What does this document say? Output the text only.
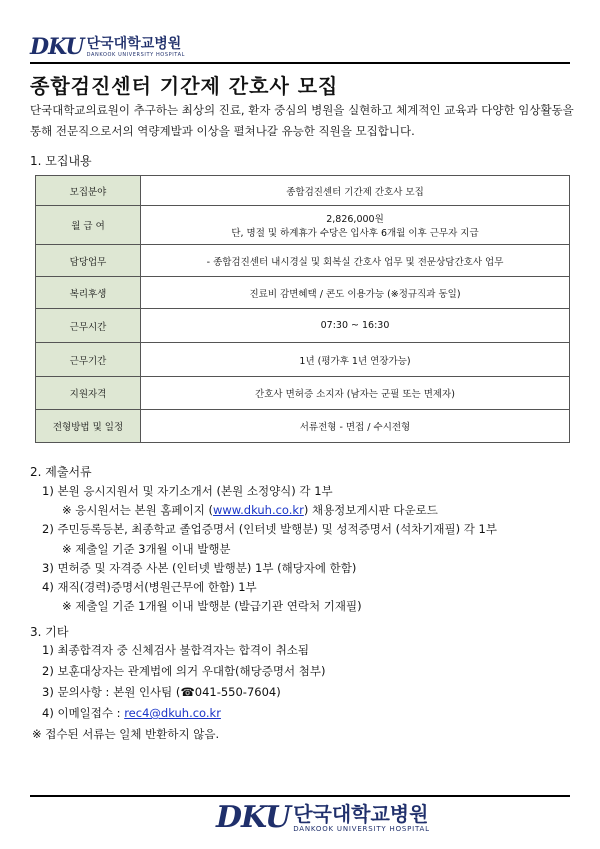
DKU 단국대학교병원
DANKOOK UNIVERSITY HOSPITAL
종합검진센터 기간제 간호사 모집
단국대학교의료원이 추구하는 최상의 진료, 환자 중심의 병원을 실현하고 체계적인 교육과 다양한 임상활동을 통해 전문직으로서의 역량계발과 이상을 펼쳐나갈 유능한 직원을 모집합니다.
1. 모집내용
모집분야	종합검진센터 기간제 간호사 모집
월 급 여	2,826,000원
단, 명절 및 하계휴가 수당은 입사후 6개월 이후 근무자 지급

담당업무	- 종합검진센터 내시경실 및 회복실 간호사 업무 및 전문상담간호사 업무
복리후생	진료비 감면혜택 / 콘도 이용가능 (※정규직과 동일)
근무시간	07:30 ~ 16:30
근무기간	1년 (평가후 1년 연장가능)
지원자격	간호사 면허증 소지자 (남자는 군필 또는 면제자)
전형방법 및 일정	서류전형 - 면접 / 수시전형
2. 제출서류
1) 본원 응시지원서 및 자기소개서 (본원 소정양식) 각 1부
※ 응시원서는 본원 홈페이지 (www.dkuh.co.kr) 채용정보게시판 다운로드
2) 주민등록등본, 최종학교 졸업증명서 (인터넷 발행분) 및 성적증명서 (석차기재필) 각 1부
※ 제출일 기준 3개월 이내 발행분
3) 면허증 및 자격증 사본 (인터넷 발행분) 1부 (해당자에 한함)
4) 재직(경력)증명서(병원근무에 한함) 1부
※ 제출일 기준 1개월 이내 발행분 (발급기관 연락처 기재필)
3. 기타
1) 최종합격자 중 신체검사 불합격자는 합격이 취소됨
2) 보훈대상자는 관계법에 의거 우대함(해당증명서 첨부)
3) 문의사항 : 본원 인사팀 (☎041-550-7604)
4) 이메일접수 : rec4@dkuh.co.kr
※ 접수된 서류는 일체 반환하지 않음.
DKU 단국대학교병원
DANKOOK UNIVERSITY HOSPITAL
